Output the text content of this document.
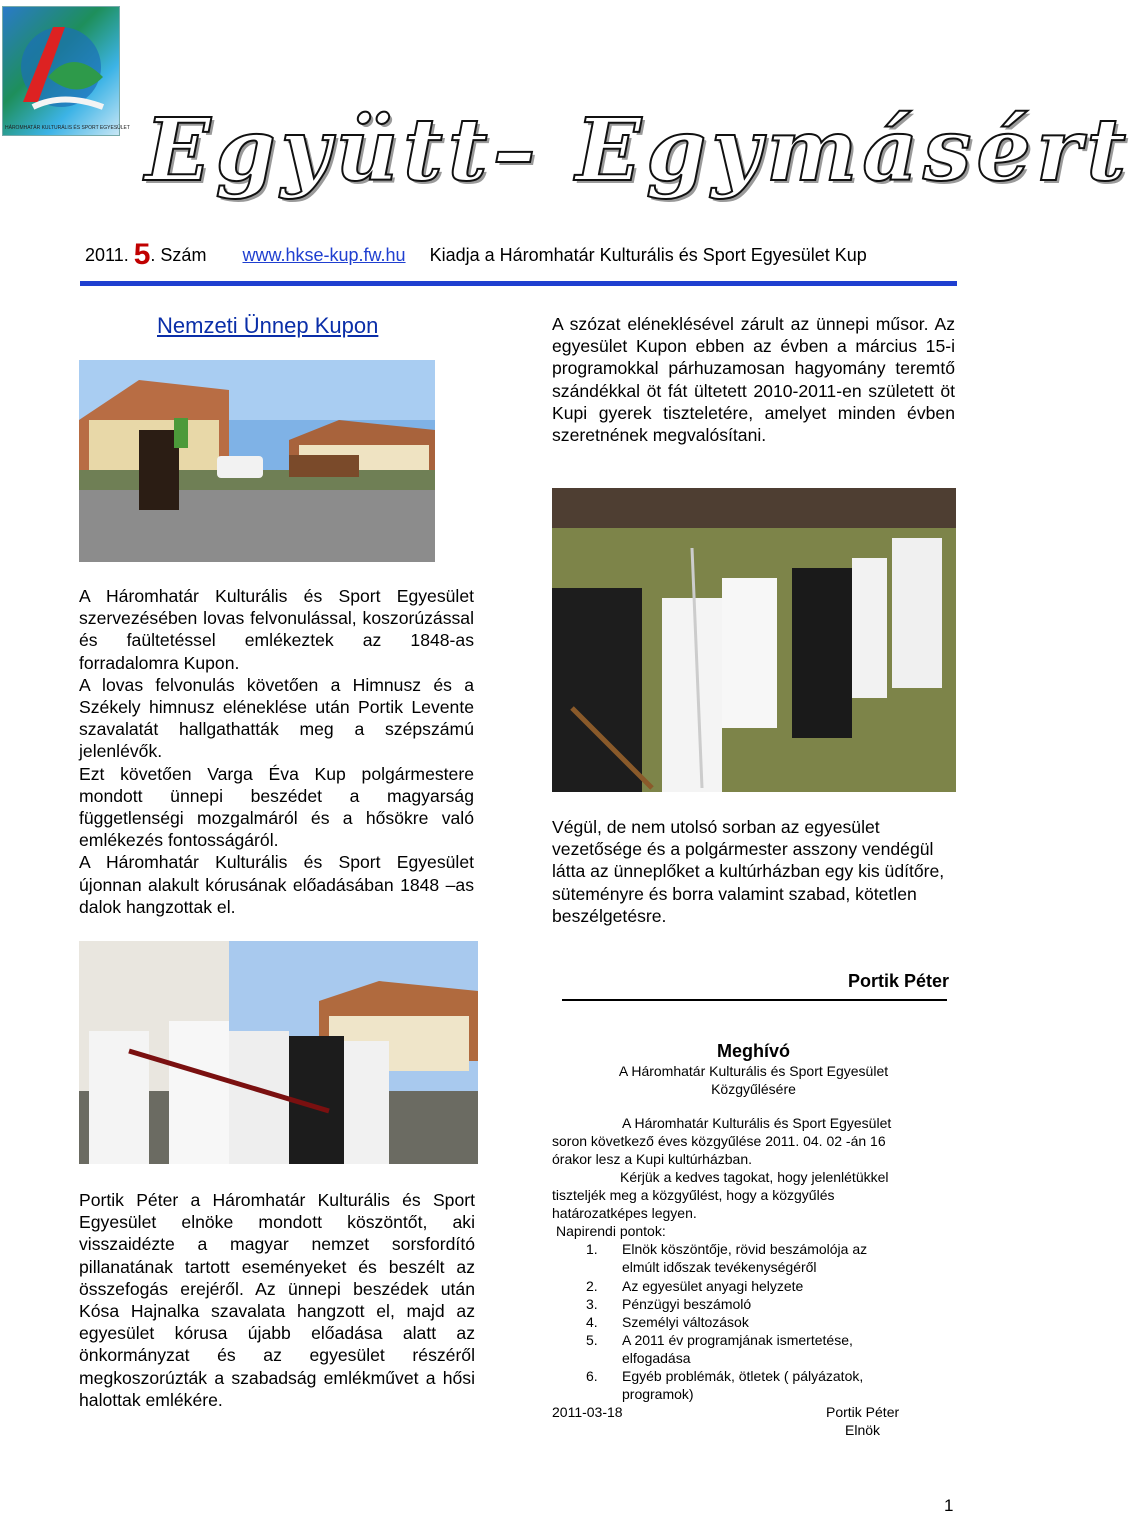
HÁROMHATÁR KULTURÁLIS ÉS SPORT EGYESÜLET Együtt– Egymásért
2011. 5. Szám www.hkse-kup.fw.hu Kiadja a Háromhatár Kulturális és Sport Egyesület Kup
Nemzeti Ünnep Kupon
A Háromhatár Kulturális és Sport Egyesület szervezésében lovas felvonulással, koszorúzással és faültetéssel emlékeztek az 1848-as forradalomra Kupon.
A lovas felvonulás követően a Himnusz és a Székely himnusz eléneklése után Portik Levente szavalatát hallgathatták meg a szépszámú jelenlévők.
Ezt követően Varga Éva Kup polgármestere mondott ünnepi beszédet a magyarság függetlenségi mozgalmáról és a hősökre való emlékezés fontosságáról.
A Háromhatár Kulturális és Sport Egyesület újonnan alakult kórusának előadásában 1848 –as dalok hangzottak el.
Portik Péter a Háromhatár Kulturális és Sport Egyesület elnöke mondott köszöntőt, aki visszaidézte a magyar nemzet sorsfordító pillanatának tartott eseményeket és beszélt az összefogás erejéről. Az ünnepi beszédek után Kósa Hajnalka szavalata hangzott el, majd az egyesület kórusa újabb előadása alatt az önkormányzat és az egyesület részéről megkoszorúzták a szabadság emlékművet a hősi halottak emlékére.
A szózat eléneklésével zárult az ünnepi műsor. Az egyesület Kupon ebben az évben a március 15-i programokkal párhuzamosan hagyomány teremtő szándékkal öt fát ültetett 2010-2011-en született öt Kupi gyerek tiszteletére, amelyet minden évben szeretnének megvalósítani.
Végül, de nem utolsó sorban az egyesület vezetősége és a polgármester asszony vendégül látta az ünneplőket a kultúrházban egy kis üdítőre, süteményre és borra valamint szabad, kötetlen beszélgetésre.
Portik Péter
Meghívó
A Háromhatár Kulturális és Sport Egyesület
Közgyűlésére
A Háromhatár Kulturális és Sport Egyesület
soron következő éves közgyűlése 2011. 04. 02 -án 16
órakor lesz a Kupi kultúrházban.
Kérjük a kedves tagokat, hogy jelenlétükkel
tiszteljék meg a közgyűlést, hogy a közgyűlés határozatképes legyen.
Napirendi pontok:
1. Elnök köszöntője, rövid beszámolója az elmúlt időszak tevékenységéről
2. Az egyesület anyagi helyzete
3. Pénzügyi beszámoló
4. Személyi változások
5. A 2011 év programjának ismertetése, elfogadása
6. Egyéb problémák, ötletek ( pályázatok, programok)
2011-03-18	Portik Péter
Elnök
1
